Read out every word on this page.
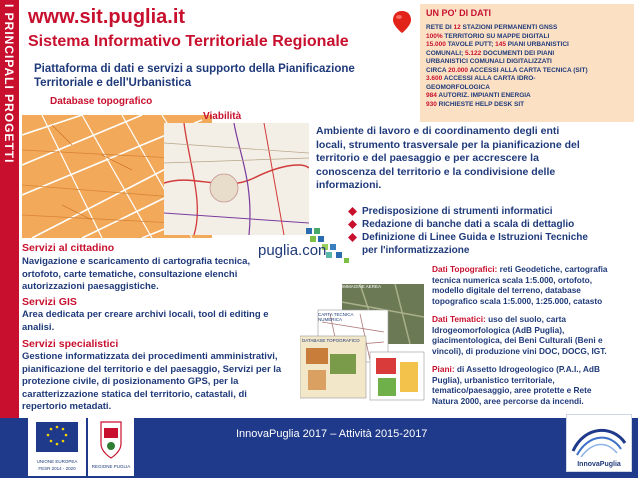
I PRINCIPALI PROGETTI www.sit.puglia.it
Sistema Informativo Territoriale Regionale
UN PO' DI DATI
RETE DI 12 STAZIONI PERMANENTI GNSS
100% TERRITORIO SU MAPPE DIGITALI
15.000 TAVOLE PUTT; 145 PIANI URBANISTICI
COMUNALI; 5.122 DOCUMENTI DEI PIANI
URBANISTICI COMUNALI DIGITALIZZATI
CIRCA 20.000 ACCESSI ALLA CARTA TECNICA (SIT)
3.600 ACCESSI ALLA CARTA IDRO-
GEOMORFOLOGICA
984 AUTORIZ. IMPIANTI ENERGIA
930 RICHIESTE HELP DESK SIT
Piattaforma di dati e servizi a supporto della Pianificazione
Territoriale e dell'Urbanistica
Database topografico
Viabilità
Ambiente di lavoro e di coordinamento degli enti
locali, strumento trasversale per la pianificazione del
territorio e del paesaggio e per accrescere la
conoscenza del territorio e la condivisione delle
informazioni.
Predisposizione di strumenti informatici
Redazione di banche dati a scala di dettaglio
Definizione di Linee Guida e Istruzioni Tecniche
per l'informatizzazione
Servizi al cittadino
Navigazione e scaricamento di cartografia tecnica,
ortofoto, carte tematiche, consultazione elenchi
autorizzazioni paesaggistiche.
Servizi GIS
Area dedicata per creare archivi locali, tool di editing e
analisi.
Servizi specialistici
Gestione informatizzata dei procedimenti amministrativi,
pianificazione del territorio e del paesaggio, Servizi per la
protezione civile, di posizionamento GPS, per la
caratterizzazione statica del territorio, catastali, di
repertorio metadati.
puglia.con
IMMAGINE AEREA
CARTA TECNICA NUMERICA
DATABASE TOPOGRAFICO
Dati Topografici: reti Geodetiche, cartografia
tecnica numerica scala 1:5.000, ortofoto,
modello digitale del terreno, database
topografico scala 1:5.000, 1:25.000, catasto
Dati Tematici: uso del suolo, carta
Idrogeomorfologica (AdB Puglia),
giacimentologica, dei Beni Culturali (Beni e
vincoli), di produzione vini DOC, DOCG, IGT.
Piani: di Assetto Idrogeologico (P.A.I., AdB
Puglia), urbanistico territoriale,
tematico/paesaggio, aree protette e Rete
Natura 2000, aree percorse da incendi.
InnovaPuglia 2017 – Attività 2015-2017
UNIONE EUROPEA
FESR 2014 - 2020	REGIONE PUGLIA	InnovaPuglia
